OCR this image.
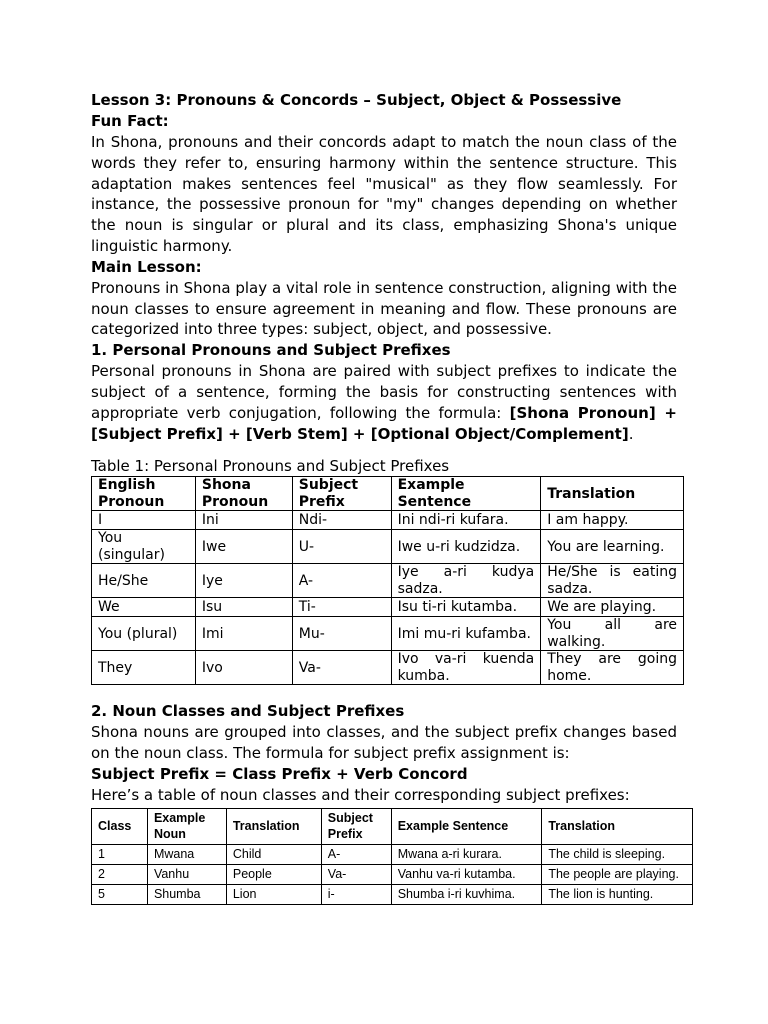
Lesson 3: Pronouns & Concords – Subject, Object & Possessive

Fun Fact:

In Shona, pronouns and their concords adapt to match the noun class of the words they refer to, ensuring harmony within the sentence structure. This adaptation makes sentences feel "musical" as they flow seamlessly. For instance, the possessive pronoun for "my" changes depending on whether the noun is singular or plural and its class, emphasizing Shona's unique linguistic harmony.

Main Lesson:

Pronouns in Shona play a vital role in sentence construction, aligning with the noun classes to ensure agreement in meaning and flow. These pronouns are categorized into three types: subject, object, and possessive.

1. Personal Pronouns and Subject Prefixes

Personal pronouns in Shona are paired with subject prefixes to indicate the subject of a sentence, forming the basis for constructing sentences with appropriate verb conjugation, following the formula: [Shona Pronoun] + [Subject Prefix] + [Verb Stem] + [Optional Object/Complement].

Table 1: Personal Pronouns and Subject Prefixes

English Pronoun	Shona Pronoun	Subject Prefix	Example Sentence	Translation
I	Ini	Ndi-	Ini ndi-ri kufara.	I am happy.
You (singular)	Iwe	U-	Iwe u-ri kudzidza.	You are learning.
He/She	Iye	A-	Iye a-ri kudya sadza.	He/She is eating sadza.
We	Isu	Ti-	Isu ti-ri kutamba.	We are playing.
You (plural)	Imi	Mu-	Imi mu-ri kufamba.	You all are walking.
They	Ivo	Va-	Ivo va-ri kuenda kumba.	They are going home.

2. Noun Classes and Subject Prefixes

Shona nouns are grouped into classes, and the subject prefix changes based on the noun class. The formula for subject prefix assignment is:

Subject Prefix = Class Prefix + Verb Concord

Here’s a table of noun classes and their corresponding subject prefixes:

Class	Example Noun	Translation	Subject Prefix	Example Sentence	Translation
1	Mwana	Child	A-	Mwana a-ri kurara.	The child is sleeping.
2	Vanhu	People	Va-	Vanhu va-ri kutamba.	The people are playing.
5	Shumba	Lion	i-	Shumba i-ri kuvhima.	The lion is hunting.
